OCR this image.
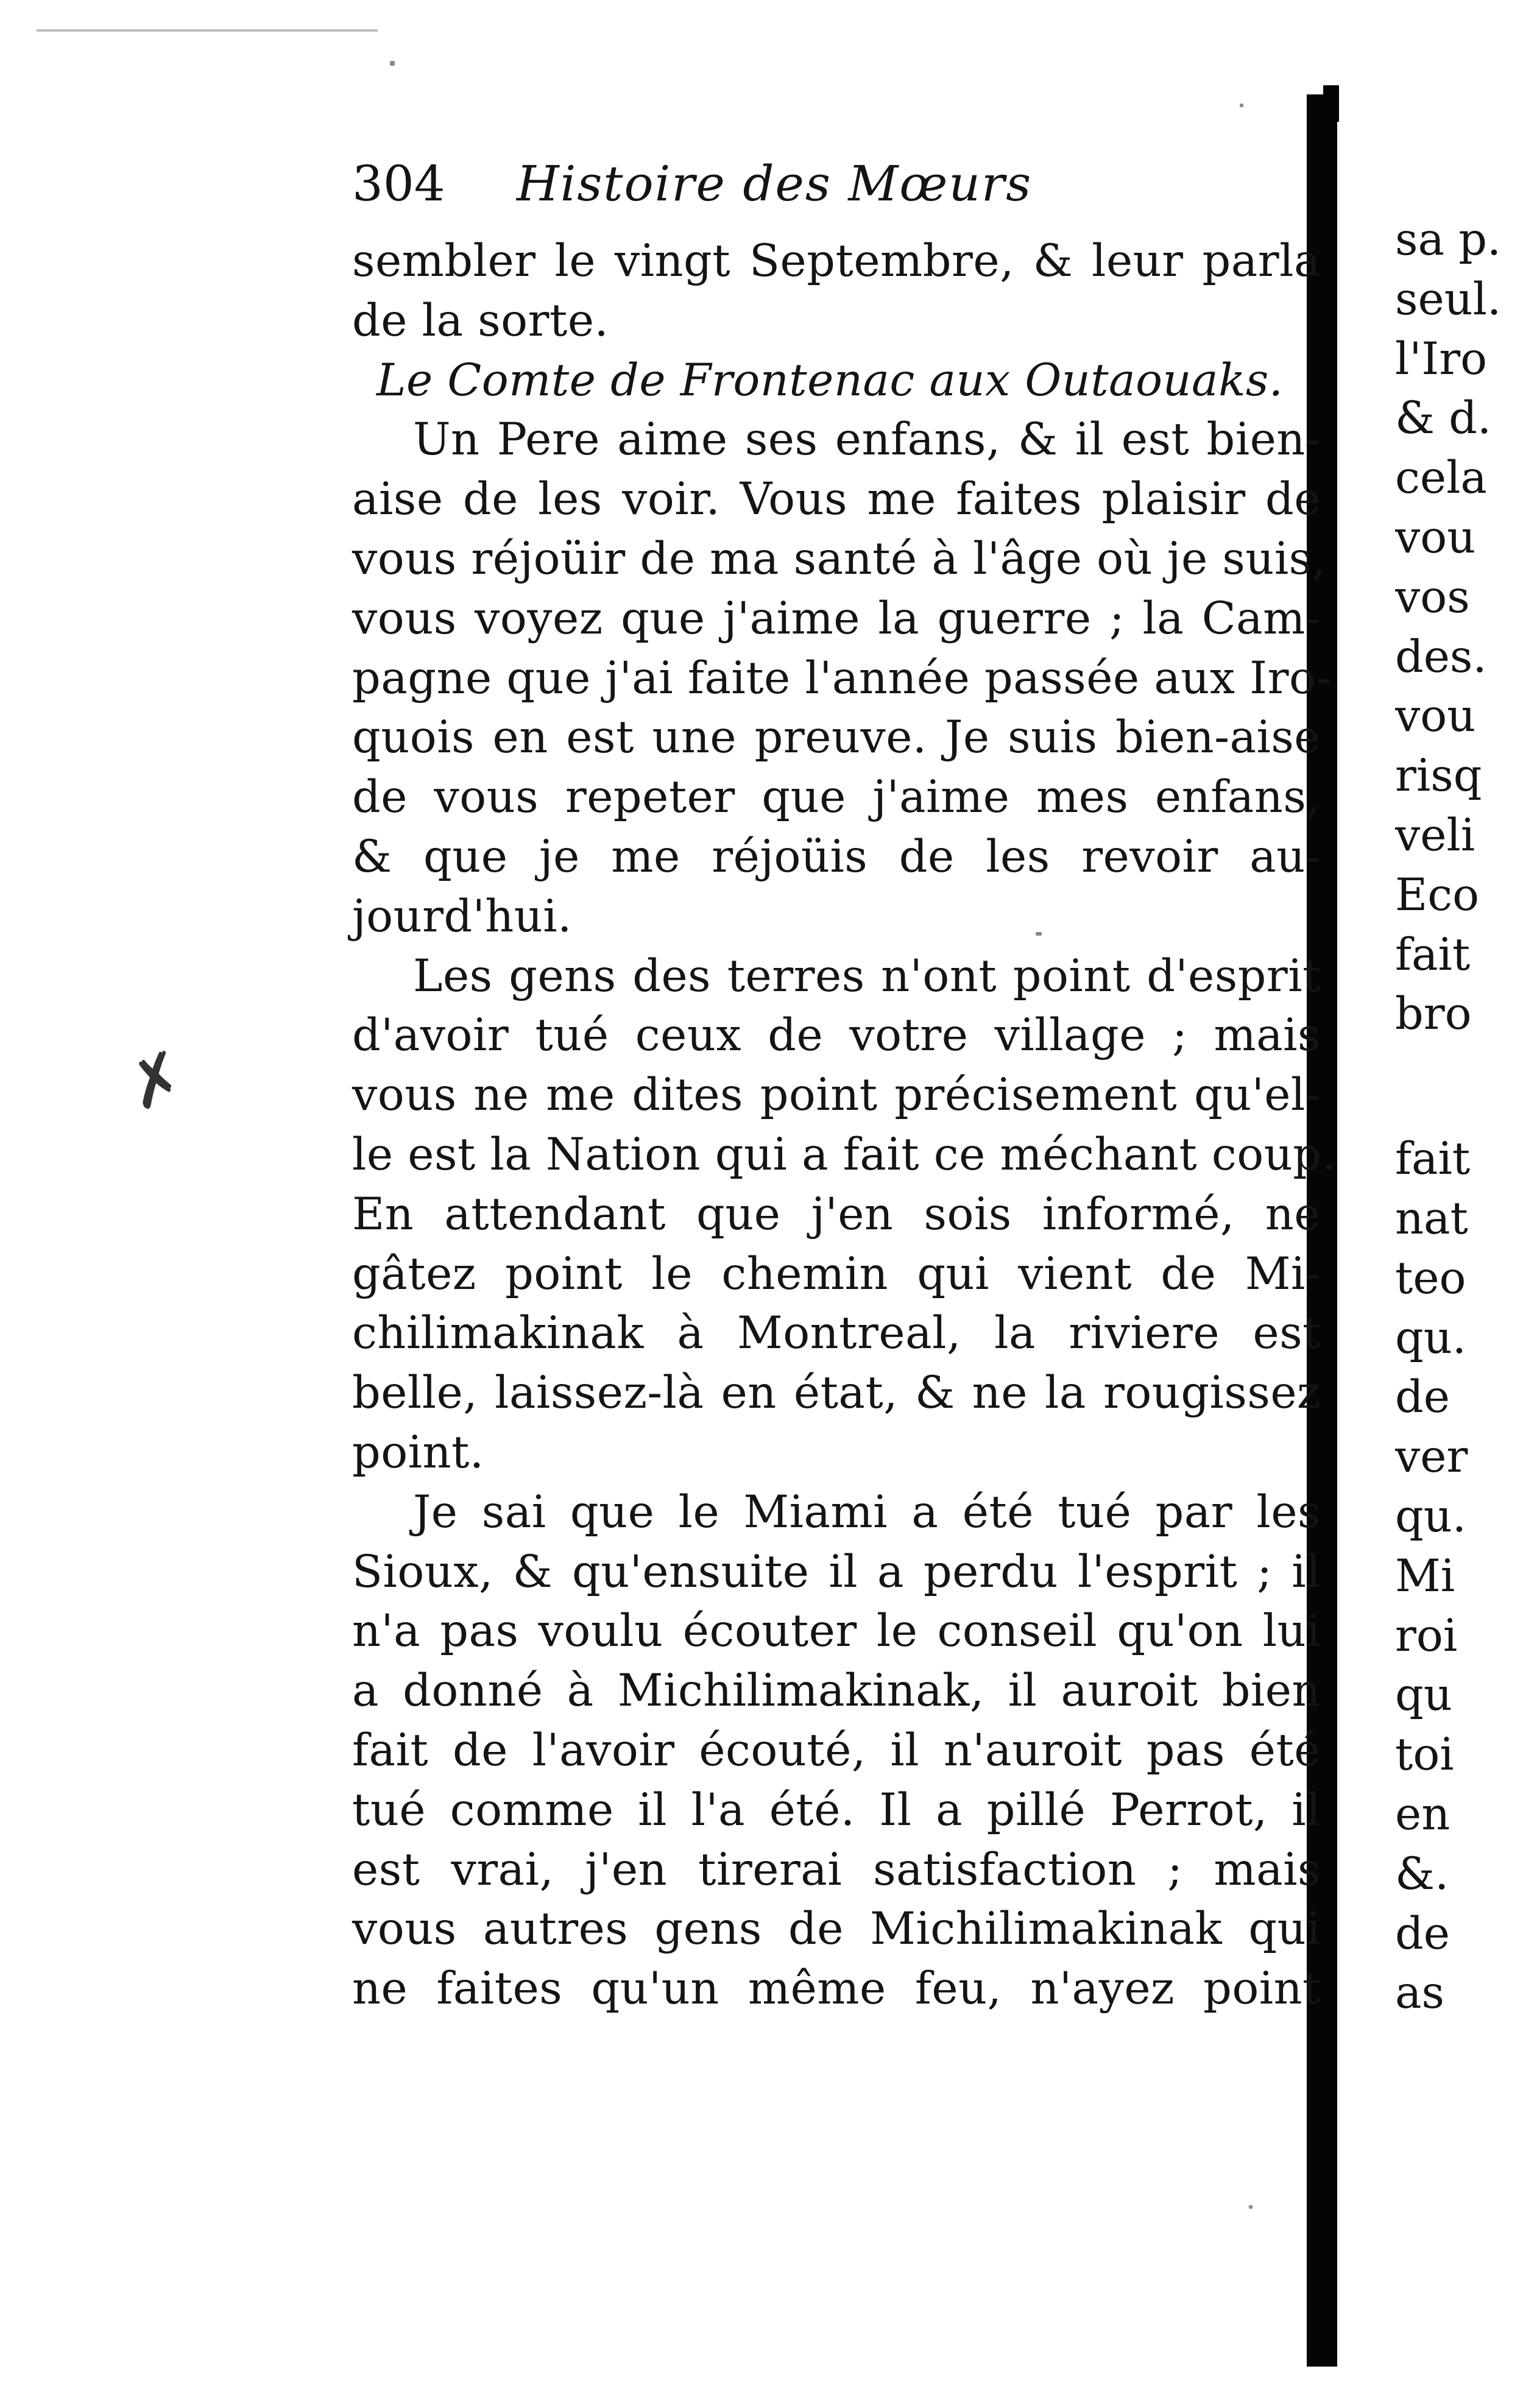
✗
304	Histoire des Mœurs
sembler le vingt Septembre, & leur parla
de la sorte.
Le Comte de Frontenac aux Outaouaks.
Un Pere aime ses enfans, & il est bien-
aise de les voir. Vous me faites plaisir de
vous réjoüir de ma santé à l'âge où je suis,
vous voyez que j'aime la guerre ; la Cam-
pagne que j'ai faite l'année passée aux Iro-
quois en est une preuve. Je suis bien-aise
de vous repeter que j'aime mes enfans,
& que je me réjoüis de les revoir au-
jourd'hui.
Les gens des terres n'ont point d'esprit
d'avoir tué ceux de votre village ; mais
vous ne me dites point précisement qu'el-
le est la Nation qui a fait ce méchant coup.
En attendant que j'en sois informé, ne
gâtez point le chemin qui vient de Mi-
chilimakinak à Montreal, la riviere est
belle, laissez-là en état, & ne la rougissez
point.
Je sai que le Miami a été tué par les
Sioux, & qu'ensuite il a perdu l'esprit ; il
n'a pas voulu écouter le conseil qu'on lui
a donné à Michilimakinak, il auroit bien
fait de l'avoir écouté, il n'auroit pas été
tué comme il l'a été. Il a pillé Perrot, il
est vrai, j'en tirerai satisfaction ; mais
vous autres gens de Michilimakinak qui
ne faites qu'un même feu, n'ayez point
sa p.
seul.
l'Iro
& d.
cela
vou
vos
des.
vou
risq
veli
Eco
fait
bro
fait
nat
teo
qu.
de
ver
qu.
Mi
roi
qu
toi
en
&.
de
as
